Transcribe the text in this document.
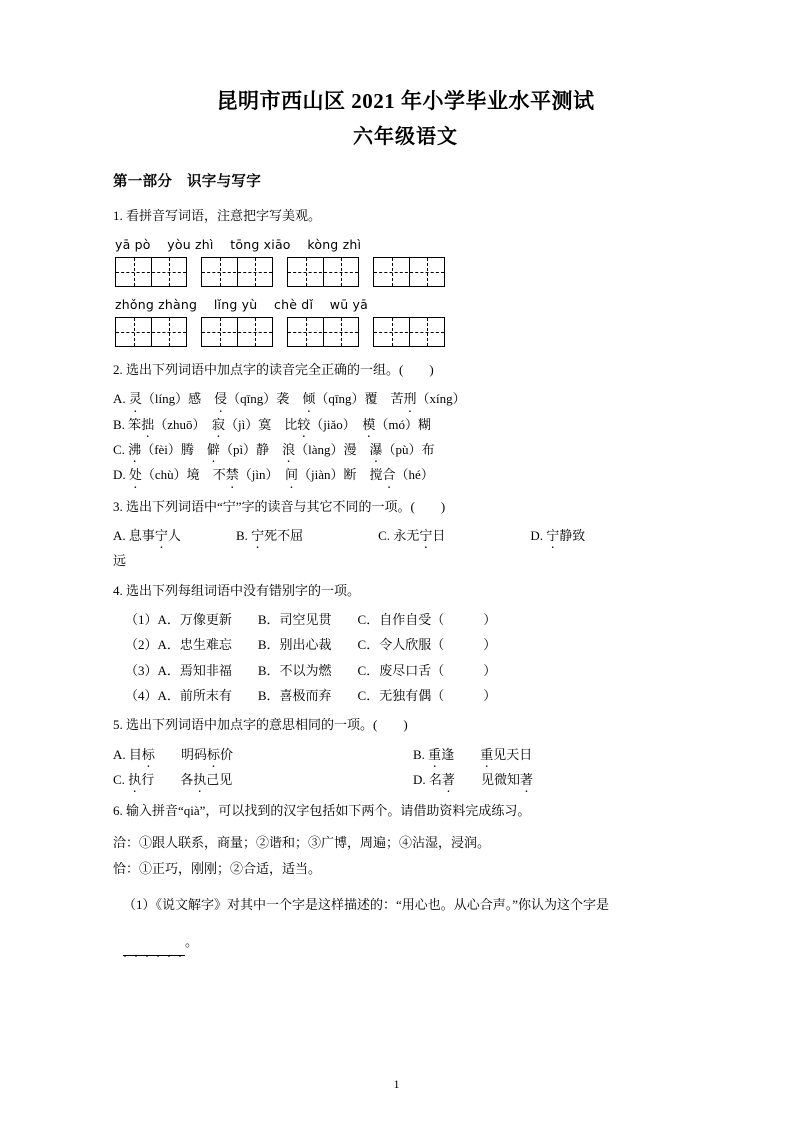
昆明市西山区 2021 年小学毕业水平测试
六年级语文
第一部分　识字与写字
1. 看拼音写词语，注意把字写美观。
yā pò    yòu zhì    tōng xiāo    kòng zhì
zhǒng zhàng    lǐng yù    chè dǐ    wū yā
2. 选出下列词语中加点字的读音完全正确的一组。(　　)
A. 灵（líng）感　 侵（qīng）袭　 倾（qīng）覆　 苦刑（xíng）
B. 笨拙（zhuō）　 寂（jì）寞　 比较（jiǎo）　 模（mó）糊
C. 沸（fèi）腾　 僻（pì）静　 浪（làng）漫　 瀑（pù）布
D. 处（chù）境　 不禁（jìn）　 间（jiàn）断　 搅合（hé）
3. 选出下列词语中“宁”字的读音与其它不同的一项。(　　)
A. 息事宁人	B. 宁死不屈	C. 永无宁日	D. 宁静致
远
4. 选出下列每组词语中没有错别字的一项。
（1）A．万像更新　　B．司空见贯　　C．自作自受（　　　）
（2）A．忠生难忘　　B．别出心裁　　C．令人欣服（　　　）
（3）A．焉知非福　　B．不以为燃　　C．废尽口舌（　　　）
（4）A．前所末有　　B．喜极而弃　　C．无独有偶（　　　）
5. 选出下列词语中加点字的意思相同的一项。(　　)
A. 目标　　 明码标价	B. 重逢　　 重见天日
C. 执行　　 各执己见	D. 名著　　 见微知著
6. 输入拼音“qià”，可以找到的汉字包括如下两个。请借助资料完成练习。
洽：①跟人联系，商量；②谐和；③广博，周遍；④沾湿，浸润。
恰：①正巧，刚刚；②合适，适当。
（1）《说文解字》对其中一个字是这样描述的：“用心也。从心合声。”你认为这个字是
······。
1
